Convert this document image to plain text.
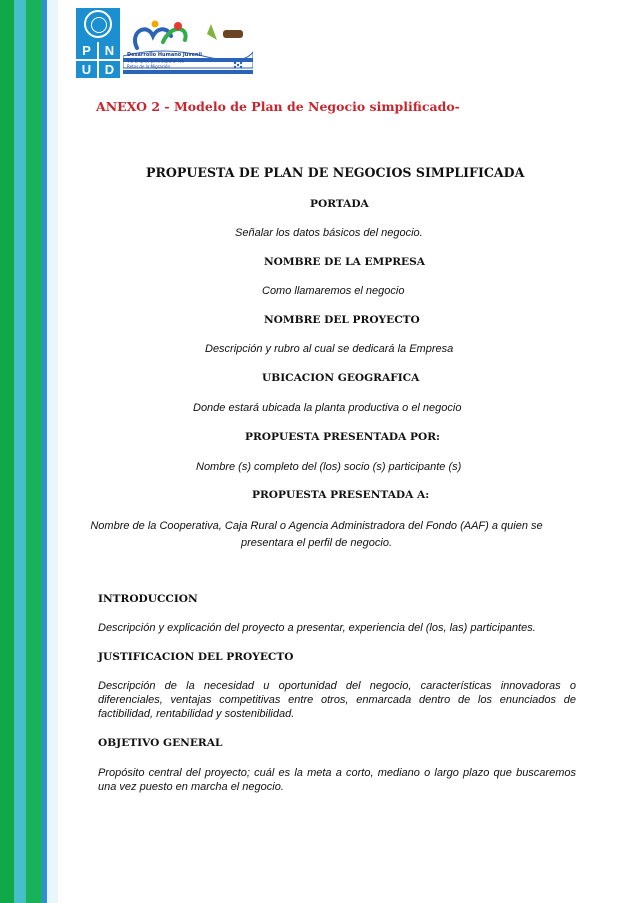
P	N
U	D
Desarrollo Humano Juvenil
Vía Empleo para Superar los
Retos de la Migración

ANEXO 2 - Modelo de Plan de Negocio simplificado-

PROPUESTA DE PLAN DE NEGOCIOS SIMPLIFICADA

PORTADA

Señalar los datos básicos del negocio.

NOMBRE DE LA EMPRESA

Como llamaremos el negocio

NOMBRE DEL PROYECTO

Descripción y rubro al cual se dedicará la Empresa

UBICACION GEOGRAFICA

Donde estará ubicada la planta productiva o el negocio

PROPUESTA PRESENTADA POR:

Nombre (s) completo del (los) socio (s) participante (s)

PROPUESTA PRESENTADA A:

Nombre de la Cooperativa, Caja Rural o Agencia Administradora del Fondo (AAF) a quien se presentara el perfil de negocio.

INTRODUCCION

Descripción y explicación del proyecto a presentar, experiencia del (los, las) participantes.

JUSTIFICACION DEL PROYECTO

Descripción de la necesidad u oportunidad del negocio, características innovadoras o diferenciales, ventajas competitivas entre otros, enmarcada dentro de los enunciados de factibilidad, rentabilidad y sostenibilidad.

OBJETIVO GENERAL

Propósito central del proyecto; cuál es la meta a corto, mediano o largo plazo que buscaremos una vez puesto en marcha el negocio.
